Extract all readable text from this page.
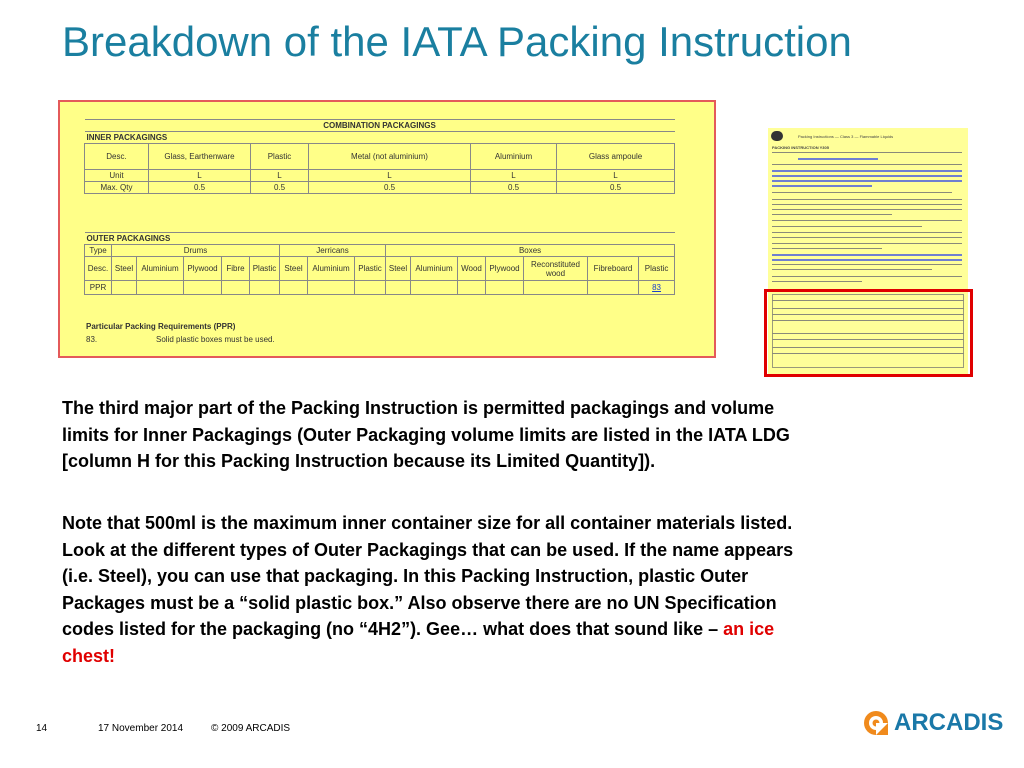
Breakdown of the IATA Packing Instruction
COMBINATION PACKAGINGS					
INNER PACKAGINGS					
Desc.	Glass, Earthenware	Plastic	Metal (not aluminium)	Aluminium	Glass ampoule
Unit	L	L	L	L	L
Max. Qty	0.5	0.5	0.5	0.5	0.5
OUTER PACKAGINGS															
Type	Drums					Jerricans			Boxes						
Desc.	Steel	Aluminium	Plywood	Fibre	Plastic	Steel	Aluminium	Plastic	Steel	Aluminium	Wood	Plywood	Reconstituted wood	Fibreboard	Plastic
PPR															83
Particular Packing Requirements (PPR)
83.	Solid plastic boxes must be used.
Packing Instructions — Class 3 — Flammable Liquids
PACKING INSTRUCTION Y305

The third major part of the Packing Instruction is permitted packagings and volume limits for Inner Packagings (Outer Packaging volume limits are listed in the IATA LDG [column H for this Packing Instruction because its Limited Quantity]).

Note that 500ml is the maximum inner container size for all container materials listed. Look at the different types of Outer Packagings that can be used. If the name appears (i.e. Steel), you can use that packaging. In this Packing Instruction, plastic Outer Packages must be a “solid plastic box.” Also observe there are no UN Specification codes listed for the packaging (no “4H2”). Gee… what does that sound like – an ice chest!

14	17 November 2014	© 2009 ARCADIS	ARCADIS
